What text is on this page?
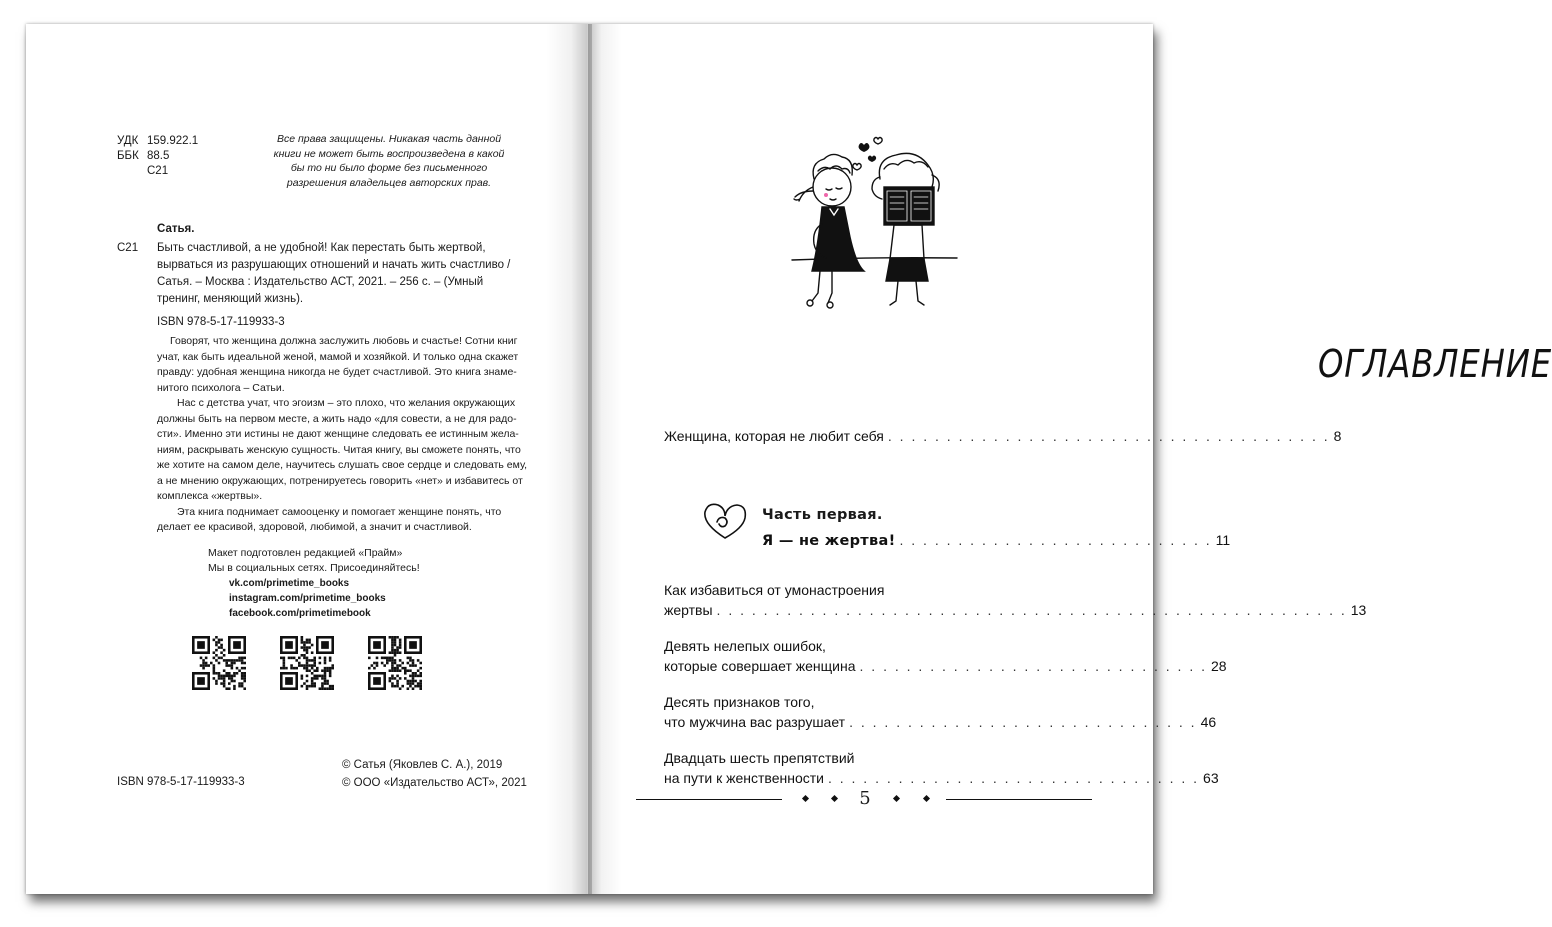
УДК 159.922.1
ББК 88.5
С21
Все права защищены. Никакая часть данной
книги не может быть воспроизведена в какой
бы то ни было форме без письменного
разрешения владельцев авторских прав.
Сатья.
С21 Быть счастливой, а не удобной! Как перестать быть жертвой,
вырваться из разрушающих отношений и начать жить счастливо /
Сатья. – Москва : Издательство АСТ, 2021. – 256 с. – (Умный
тренинг, меняющий жизнь).
ISBN 978-5-17-119933-3
Говорят, что женщина должна заслужить любовь и счастье! Сотни книг
учат, как быть идеальной женой, мамой и хозяйкой. И только одна скажет
правду: удобная женщина никогда не будет счастливой. Это книга знаме-
нитого психолога – Сатьи.
Нас с детства учат, что эгоизм – это плохо, что желания окружающих
должны быть на первом месте, а жить надо «для совести, а не для радо-
сти». Именно эти истины не дают женщине следовать ее истинным жела-
ниям, раскрывать женскую сущность. Читая книгу, вы сможете понять, что
же хотите на самом деле, научитесь слушать свое сердце и следовать ему,
а не мнению окружающих, потренируетесь говорить «нет» и избавитесь от
комплекса «жертвы».
Эта книга поднимает самооценку и помогает женщине понять, что
делает ее красивой, здоровой, любимой, а значит и счастливой.
Макет подготовлен редакцией «Прайм»
Мы в социальных сетях. Присоединяйтесь!
vk.com/primetime_books
instagram.com/primetime_books
facebook.com/primetimebook
ISBN 978-5-17-119933-3
© Сатья (Яковлев С. А.), 2019
© ООО «Издательство АСТ», 2021
ОГЛАВЛЕНИЕ
Женщина, которая не любит себя . . . . . . . . . . . . . . . . . . . . . . . . . . . . . . . . . . . . . . 8
Часть первая.
Я — не жертва! . . . . . . . . . . . . . . . . . . . . . . . . . . . 11
Как избавиться от умонастроения
жертвы . . . . . . . . . . . . . . . . . . . . . . . . . . . . . . . . . . . . . . . . . . . . . . . . . . . . . . 13
Девять нелепых ошибок,
которые совершает женщина . . . . . . . . . . . . . . . . . . . . . . . . . . . . . . 28
Десять признаков того,
что мужчина вас разрушает . . . . . . . . . . . . . . . . . . . . . . . . . . . . . . 46
Двадцать шесть препятствий
на пути к женственности . . . . . . . . . . . . . . . . . . . . . . . . . . . . . . . . 63
5
